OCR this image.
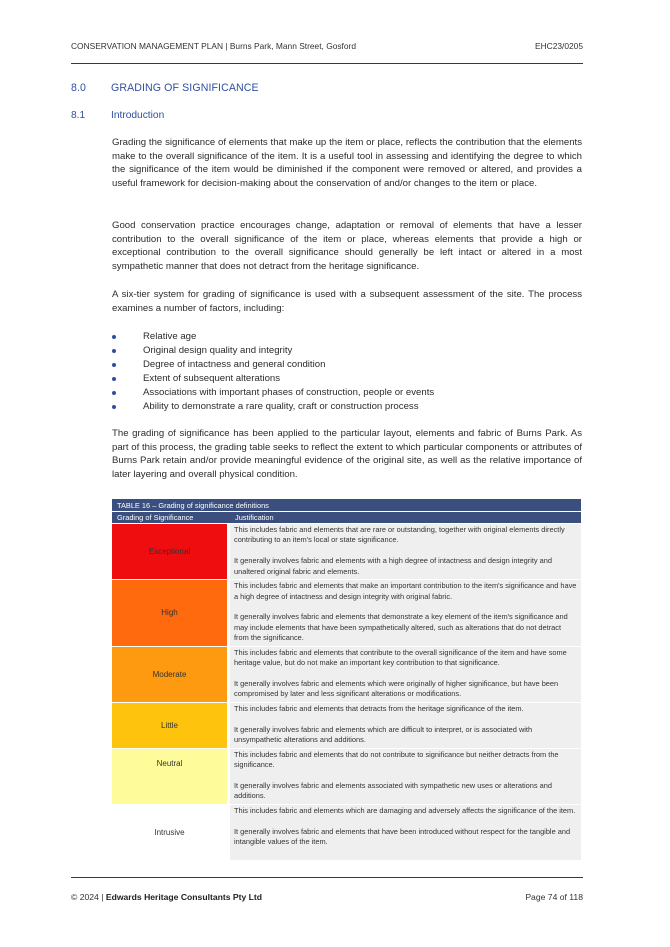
CONSERVATION MANAGEMENT PLAN | Burns Park, Mann Street, Gosford	EHC23/0205
8.0 GRADING OF SIGNIFICANCE
8.1	Introduction

Grading the significance of elements that make up the item or place, reflects the contribution that the elements make to the overall significance of the item. It is a useful tool in assessing and identifying the degree to which the significance of the item would be diminished if the component were removed or altered, and provides a useful framework for decision-making about the conservation of and/or changes to the item or place.

Good conservation practice encourages change, adaptation or removal of elements that have a lesser contribution to the overall significance of the item or place, whereas elements that provide a high or exceptional contribution to the overall significance should generally be left intact or altered in a most sympathetic manner that does not detract from the heritage significance.

A six-tier system for grading of significance is used with a subsequent assessment of the site. The process examines a number of factors, including:

Relative age
Original design quality and integrity
Degree of intactness and general condition
Extent of subsequent alterations
Associations with important phases of construction, people or events
Ability to demonstrate a rare quality, craft or construction process

The grading of significance has been applied to the particular layout, elements and fabric of Burns Park. As part of this process, the grading table seeks to reflect the extent to which particular components or attributes of Burns Park retain and/or provide meaningful evidence of the original site, as well as the relative importance of later layering and overall physical condition.

TABLE 16 – Grading of significance definitions	
Grading of Significance	Justification
Exceptional	This includes fabric and elements that are rare or outstanding, together with original elements directly contributing to an item's local or state significance.

It generally involves fabric and elements with a high degree of intactness and design integrity and unaltered original fabric and elements.

High	This includes fabric and elements that make an important contribution to the item's significance and have a high degree of intactness and design integrity with original fabric.

It generally involves fabric and elements that demonstrate a key element of the item's significance and may include elements that have been sympathetically altered, such as alterations that do not detract from the significance.

Moderate	This includes fabric and elements that contribute to the overall significance of the item and have some heritage value, but do not make an important key contribution to that significance.

It generally involves fabric and elements which were originally of higher significance, but have been compromised by later and less significant alterations or modifications.

Little	This includes fabric and elements that detracts from the heritage significance of the item.

It generally involves fabric and elements which are difficult to interpret, or is associated with unsympathetic alterations and additions.

Neutral	This includes fabric and elements that do not contribute to significance but neither detracts from the significance.

It generally involves fabric and elements associated with sympathetic new uses or alterations and additions.

Intrusive	This includes fabric and elements which are damaging and adversely affects the significance of the item.

It generally involves fabric and elements that have been introduced without respect for the tangible and intangible values of the item.

© 2024 | Edwards Heritage Consultants Pty Ltd	Page 74 of 118
